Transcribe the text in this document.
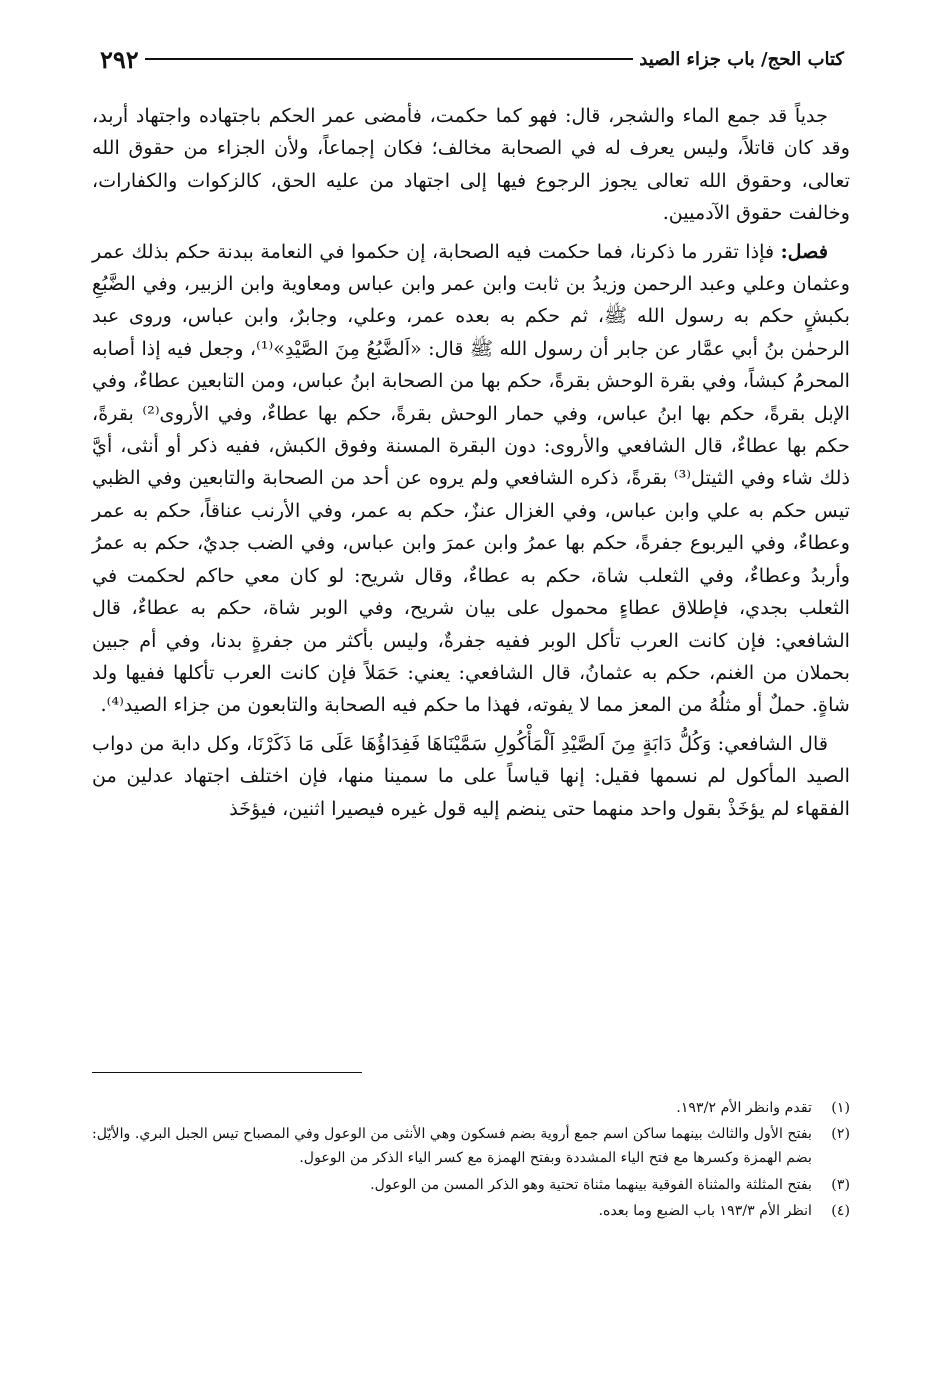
كتاب الحج/ باب جزاء الصيد
٢٩٢

جدياً قد جمع الماء والشجر، قال: فهو كما حكمت، فأمضى عمر الحكم باجتهاده واجتهاد أربد، وقد كان قاتلاً، وليس يعرف له في الصحابة مخالف؛ فكان إجماعاً، ولأن الجزاء من حقوق الله تعالى، وحقوق الله تعالى يجوز الرجوع فيها إلى اجتهاد من عليه الحق، كالزكوات والكفارات، وخالفت حقوق الآدميين.

فصل: فإذا تقرر ما ذكرنا، فما حكمت فيه الصحابة، إن حكموا في النعامة ببدنة حكم بذلك عمر وعثمان وعلي وعبد الرحمن وزيدُ بن ثابت وابن عمر وابن عباس ومعاوية وابن الزبير، وفي الضَّبُعِ بكبشٍ حكم به رسول الله ﷺ، ثم حكم به بعده عمر، وعلي، وجابرٌ، وابن عباس، وروى عبد الرحمٰن بنُ أبي عمَّار عن جابر أن رسول الله ﷺ قال: «اَلضَّبُعُ مِنَ الصَّيْدِ»⁽¹⁾، وجعل فيه إذا أصابه المحرمُ كبشاً، وفي بقرة الوحش بقرةً، حكم بها من الصحابة ابنُ عباس، ومن التابعين عطاءٌ، وفي الإبل بقرةً، حكم بها ابنُ عباس، وفي حمار الوحش بقرةً، حكم بها عطاءٌ، وفي الأروى⁽²⁾ بقرةً، حكم بها عطاءٌ، قال الشافعي والأروى: دون البقرة المسنة وفوق الكبش، ففيه ذكر أو أنثى، أيَّ ذلك شاء وفي الثيتل⁽³⁾ بقرةً، ذكره الشافعي ولم يروه عن أحد من الصحابة والتابعين وفي الظبي تيس حكم به علي وابن عباس، وفي الغزال عنزٌ، حكم به عمر، وفي الأرنب عناقاً، حكم به عمر وعطاءٌ، وفي اليربوع جفرةً، حكم بها عمرُ وابن عمرَ وابن عباس، وفي الضب جديٌ، حكم به عمرُ وأربدُ وعطاءٌ، وفي الثعلب شاة، حكم به عطاءٌ، وقال شريح: لو كان معي حاكم لحكمت في الثعلب بجدي، فإطلاق عطاءٍ محمول على بيان شريح، وفي الوبر شاة، حكم به عطاءٌ، قال الشافعي: فإن كانت العرب تأكل الوبر ففيه جفرةٌ، وليس بأكثر من جفرةٍ بدنا، وفي أم جبين بحملان من الغنم، حكم به عثمانُ، قال الشافعي: يعني: حَمَلاً فإن كانت العرب تأكلها ففيها ولد شاةٍ. حملٌ أو مثلُهُ من المعز مما لا يفوته، فهذا ما حكم فيه الصحابة والتابعون من جزاء الصيد⁽⁴⁾.

قال الشافعي: وَكُلُّ دَابَةٍ مِنَ اَلصَّيْدِ اَلْمَأْكُولِ سَمَّيْنَاهَا فَفِدَاؤُهَا عَلَى مَا ذَكَرْنَا، وكل دابة من دواب الصيد المأكول لم نسمها فقيل: إنها قياساً على ما سمينا منها، فإن اختلف اجتهاد عدلين من الفقهاء لم يؤخَذْ بقول واحد منهما حتى ينضم إليه قول غيره فيصيرا اثنين، فيؤخَذ

(١)
تقدم وانظر الأم ١٩٣/٢.
(٢)
بفتح الأول والثالث بينهما ساكن اسم جمع أروية بضم فسكون وهي الأنثى من الوعول وفي المصباح تيس الجبل البري. والأيّل: بضم الهمزة وكسرها مع فتح الياء المشددة وبفتح الهمزة مع كسر الياء الذكر من الوعول.
(٣)
بفتح المثلثة والمثناة الفوقية بينهما مثناة تحتية وهو الذكر المسن من الوعول.
(٤)
انظر الأم ١٩٣/٣ باب الضبع وما بعده.
